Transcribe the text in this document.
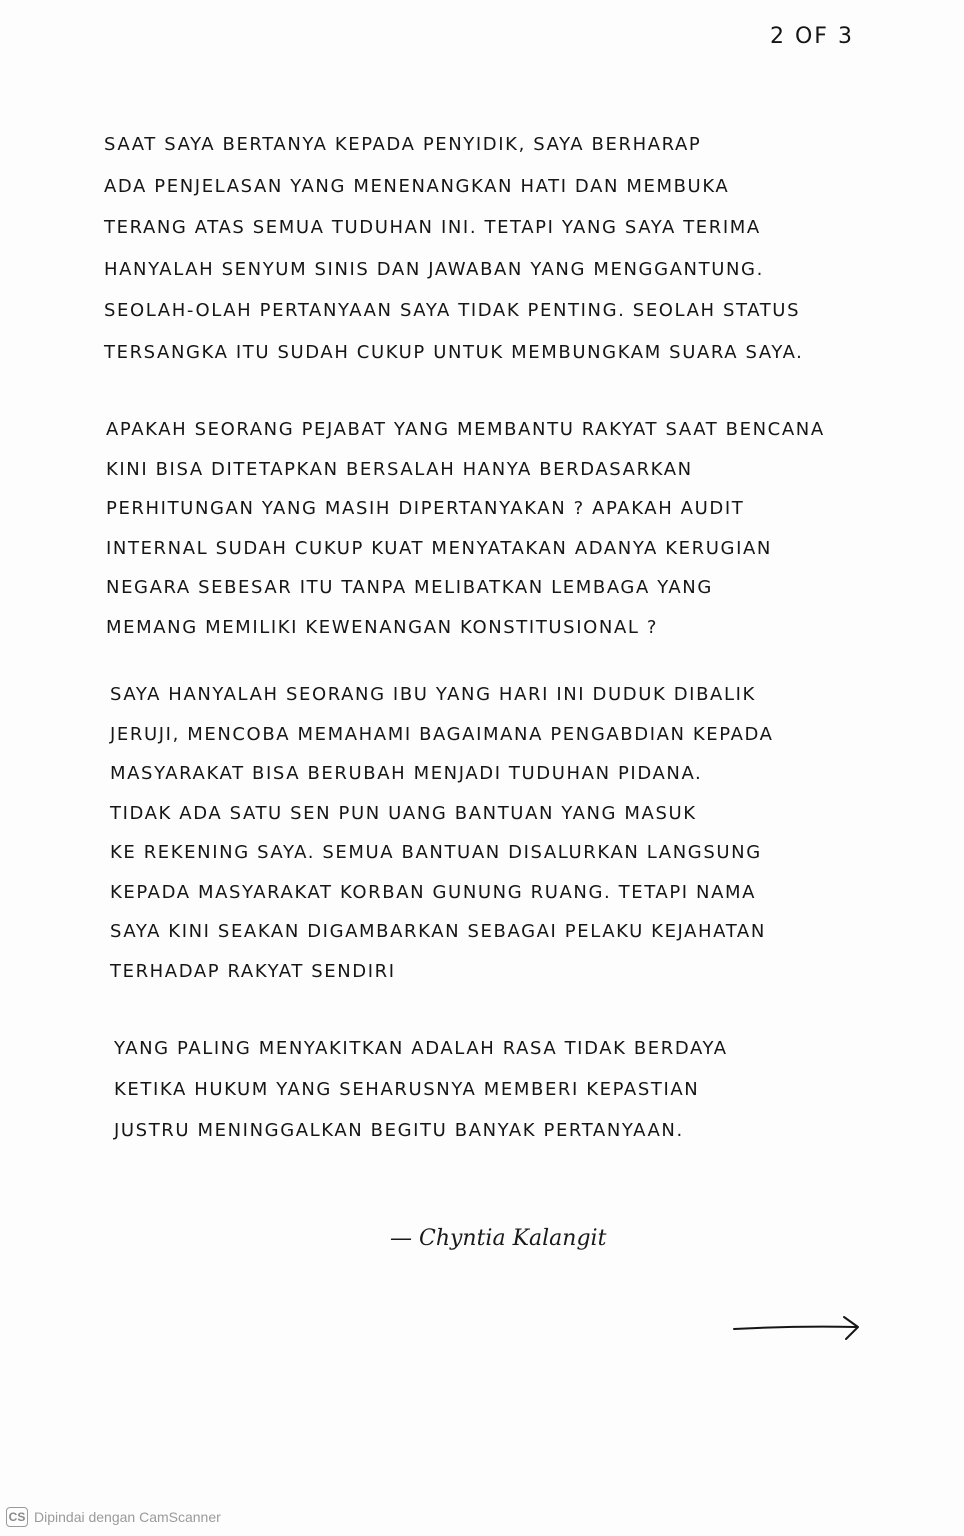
2 OF 3
SAAT SAYA BERTANYA KEPADA PENYIDIK, SAYA BERHARAP
ADA PENJELASAN YANG MENENANGKAN HATI DAN MEMBUKA
TERANG ATAS SEMUA TUDUHAN INI. TETAPI YANG SAYA TERIMA
HANYALAH SENYUM SINIS DAN JAWABAN YANG MENGGANTUNG.
SEOLAH-OLAH PERTANYAAN SAYA TIDAK PENTING. SEOLAH STATUS
TERSANGKA ITU SUDAH CUKUP UNTUK MEMBUNGKAM SUARA SAYA.
APAKAH SEORANG PEJABAT YANG MEMBANTU RAKYAT SAAT BENCANA
KINI BISA DITETAPKAN BERSALAH HANYA BERDASARKAN
PERHITUNGAN YANG MASIH DIPERTANYAKAN ? APAKAH AUDIT
INTERNAL SUDAH CUKUP KUAT MENYATAKAN ADANYA KERUGIAN
NEGARA SEBESAR ITU TANPA MELIBATKAN LEMBAGA YANG
MEMANG MEMILIKI KEWENANGAN KONSTITUSIONAL ?
SAYA HANYALAH SEORANG IBU YANG HARI INI DUDUK DIBALIK
JERUJI, MENCOBA MEMAHAMI BAGAIMANA PENGABDIAN KEPADA
MASYARAKAT BISA BERUBAH MENJADI TUDUHAN PIDANA.
TIDAK ADA SATU SEN PUN UANG BANTUAN YANG MASUK
KE REKENING SAYA. SEMUA BANTUAN DISALURKAN LANGSUNG
KEPADA MASYARAKAT KORBAN GUNUNG RUANG. TETAPI NAMA
SAYA KINI SEAKAN DIGAMBARKAN SEBAGAI PELAKU KEJAHATAN
TERHADAP RAKYAT SENDIRI
YANG PALING MENYAKITKAN ADALAH RASA TIDAK BERDAYA
KETIKA HUKUM YANG SEHARUSNYA MEMBERI KEPASTIAN
JUSTRU MENINGGALKAN BEGITU BANYAK PERTANYAAN.
— Chyntia Kalangit
CS Dipindai dengan CamScanner
